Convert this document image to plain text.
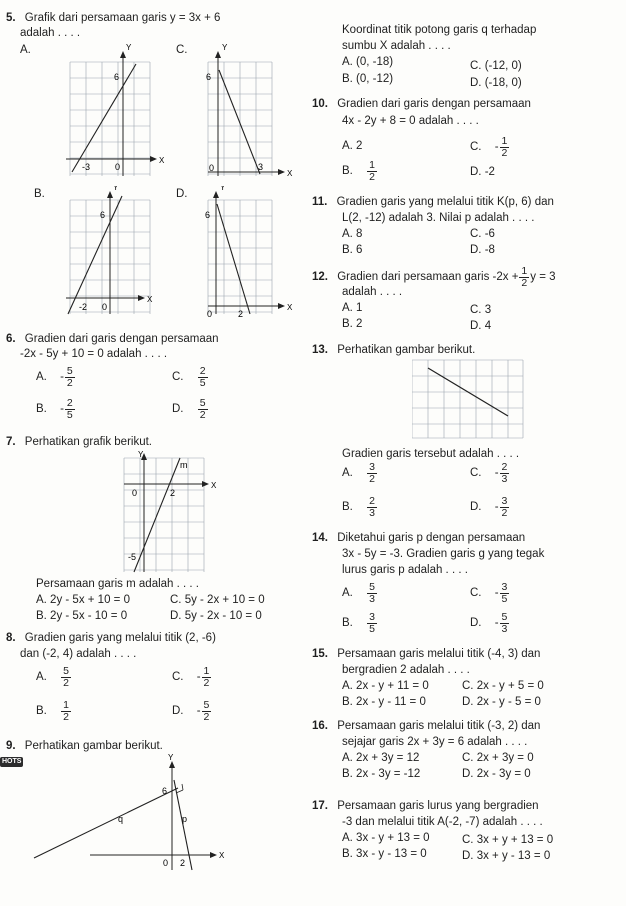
5. Grafik dari persamaan garis y = 3x + 6
adalah . . . .
A.	Y
X
6
-3	0
C.	Y
X
6
3
0
B.
Y
X
6
-2 0
D.
Y
X
6
2
0
6. Gradien dari garis dengan persamaan
-2x - 5y + 10 = 0 adalah . . . .
A. - $\frac{5}{2}$	C. $\frac{2}{5}$
B. - $\frac{2}{5}$	D. $\frac{5}{2}$
7. Perhatikan grafik berikut.
Y
X
m
0	2
-5
Persamaan garis m adalah . . . .
A. 2y - 5x + 10 = 0	C. 5y - 2x + 10 = 0
B. 2y - 5x - 10 = 0	D. 5y - 2x - 10 = 0
8. Gradien garis yang melalui titik (2, -6)
dan (-2, 4) adalah . . . .
A. $\frac{5}{2}$	C. - $\frac{1}{2}$
B. $\frac{1}{2}$	D. - $\frac{5}{2}$
9. Perhatikan gambar berikut.
HOTS	Y
X
q	p
6
0 2
Koordinat titik potong garis q terhadap
sumbu X adalah . . . .
A. (0, -18)	C. (-12, 0)
B. (0, -12)	D. (-18, 0)
10. Gradien dari garis dengan persamaan
4x - 2y + 8 = 0 adalah . . . .
A. 2	C. - $\frac{1}{2}$
B. $\frac{1}{2}$	D. -2
11. Gradien garis yang melalui titik K(p, 6) dan
L(2, -12) adalah 3. Nilai p adalah . . . .
A. 8	C. -6
B. 6	D. -8
12. Gradien dari persamaan garis $-2x + \frac{1}{2}$ y = 3
adalah . . . .
A. 1	C. 3
B. 2	D. 4
13. Perhatikan gambar berikut.
Gradien garis tersebut adalah . . . .
A. $\frac{3}{2}$	C. - $\frac{2}{3}$
B. $\frac{2}{3}$	D. - $\frac{3}{2}$
14. Diketahui garis p dengan persamaan
3x - 5y = -3. Gradien garis g yang tegak
lurus garis p adalah . . . .
A. $\frac{5}{3}$	C. - $\frac{3}{5}$
B. $\frac{3}{5}$	D. - $\frac{5}{3}$
15. Persamaan garis melalui titik (-4, 3) dan
bergradien 2 adalah . . . .
A. 2x - y + 11 = 0	C. 2x - y + 5 = 0
B. 2x - y - 11 = 0	D. 2x - y - 5 = 0
16. Persamaan garis melalui titik (-3, 2) dan
sejajar garis 2x + 3y = 6 adalah . . . .
A. 2x + 3y = 12	C. 2x + 3y = 0
B. 2x - 3y = -12	D. 2x - 3y = 0
17. Persamaan garis lurus yang bergradien
-3 dan melalui titik A(-2, -7) adalah . . . .
A. 3x - y + 13 = 0	C. 3x + y + 13 = 0
B. 3x - y - 13 = 0	D. 3x + y - 13 = 0
